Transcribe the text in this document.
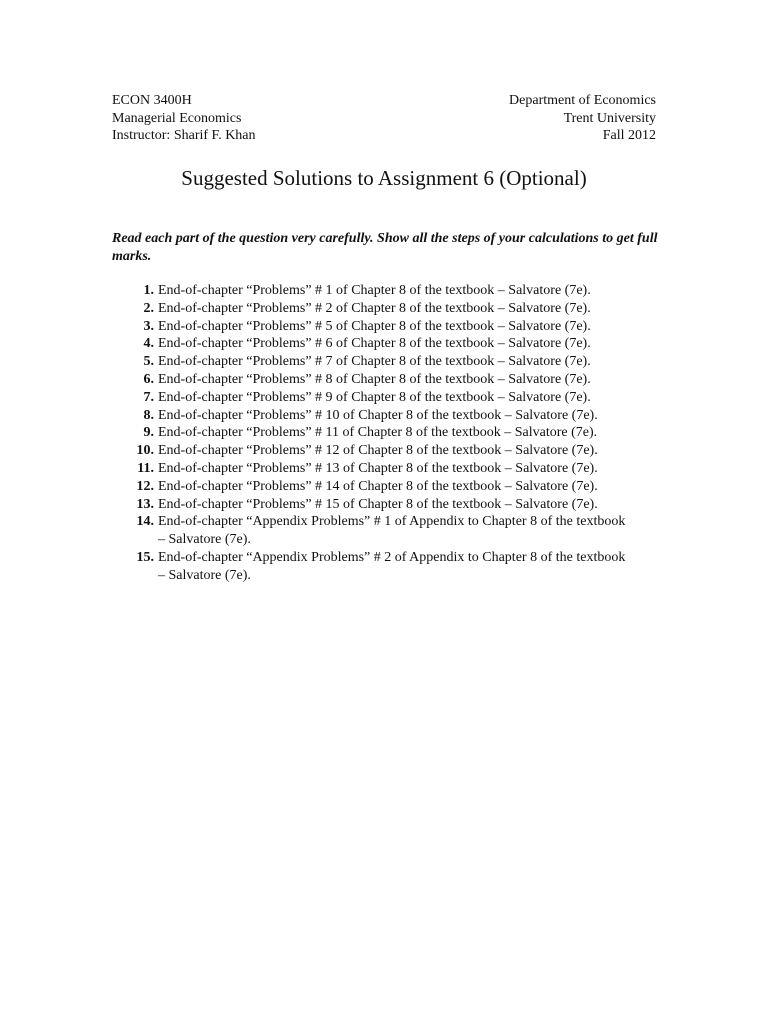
ECON 3400H
Managerial Economics
Instructor: Sharif F. Khan
Department of Economics
Trent University
Fall 2012
Suggested Solutions to Assignment 6 (Optional)
Read each part of the question very carefully. Show all the steps of your calculations to get full marks.
1. End-of-chapter “Problems” # 1 of Chapter 8 of the textbook – Salvatore (7e).
2. End-of-chapter “Problems” # 2 of Chapter 8 of the textbook – Salvatore (7e).
3. End-of-chapter “Problems” # 5 of Chapter 8 of the textbook – Salvatore (7e).
4. End-of-chapter “Problems” # 6 of Chapter 8 of the textbook – Salvatore (7e).
5. End-of-chapter “Problems” # 7 of Chapter 8 of the textbook – Salvatore (7e).
6. End-of-chapter “Problems” # 8 of Chapter 8 of the textbook – Salvatore (7e).
7. End-of-chapter “Problems” # 9 of Chapter 8 of the textbook – Salvatore (7e).
8. End-of-chapter “Problems” # 10 of Chapter 8 of the textbook – Salvatore (7e).
9. End-of-chapter “Problems” # 11 of Chapter 8 of the textbook – Salvatore (7e).
10. End-of-chapter “Problems” # 12 of Chapter 8 of the textbook – Salvatore (7e).
11. End-of-chapter “Problems” # 13 of Chapter 8 of the textbook – Salvatore (7e).
12. End-of-chapter “Problems” # 14 of Chapter 8 of the textbook – Salvatore (7e).
13. End-of-chapter “Problems” # 15 of Chapter 8 of the textbook – Salvatore (7e).
14. End-of-chapter “Appendix Problems” # 1 of Appendix to Chapter 8 of the textbook – Salvatore (7e).
15. End-of-chapter “Appendix Problems” # 2 of Appendix to Chapter 8 of the textbook – Salvatore (7e).
